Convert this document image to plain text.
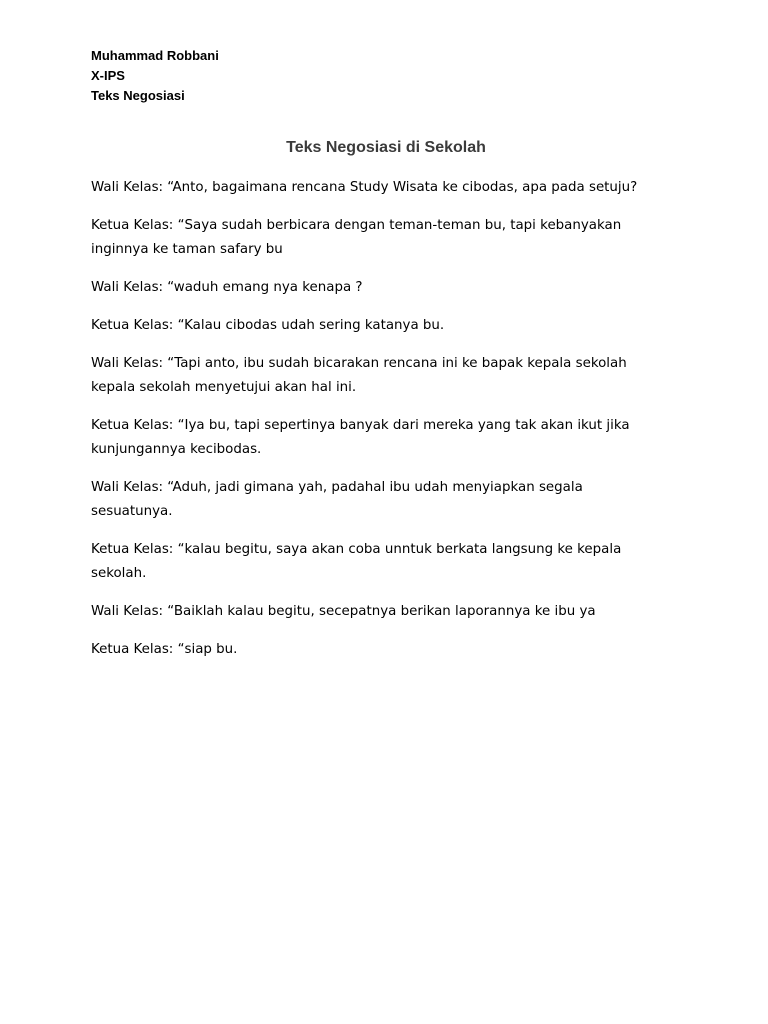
Muhammad Robbani
X-IPS
Teks Negosiasi
Teks Negosiasi di Sekolah

Wali Kelas: “Anto, bagaimana rencana Study Wisata ke cibodas, apa pada setuju?

Ketua Kelas: “Saya sudah berbicara dengan teman-teman bu, tapi kebanyakan
inginnya ke taman safary bu

Wali Kelas: “waduh emang nya kenapa ?

Ketua Kelas: “Kalau cibodas udah sering katanya bu.

Wali Kelas: “Tapi anto, ibu sudah bicarakan rencana ini ke bapak kepala sekolah
kepala sekolah menyetujui akan hal ini.

Ketua Kelas: “Iya bu, tapi sepertinya banyak dari mereka yang tak akan ikut jika
kunjungannya kecibodas.

Wali Kelas: “Aduh, jadi gimana yah, padahal ibu udah menyiapkan segala
sesuatunya.

Ketua Kelas: “kalau begitu, saya akan coba unntuk berkata langsung ke kepala
sekolah.

Wali Kelas: “Baiklah kalau begitu, secepatnya berikan laporannya ke ibu ya

Ketua Kelas: “siap bu.
